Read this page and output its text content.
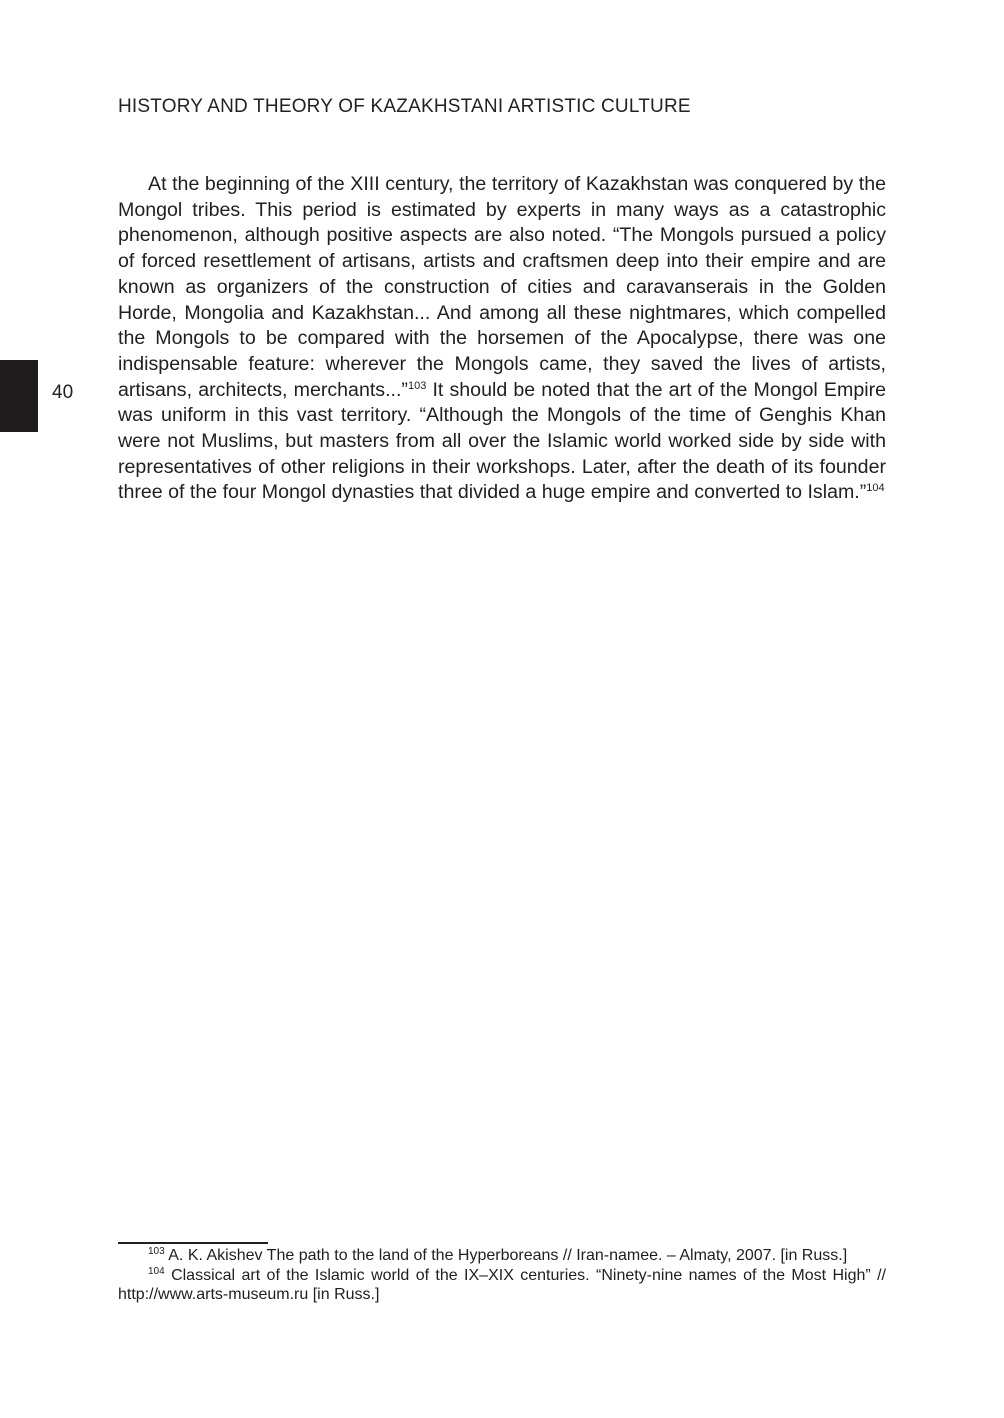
HISTORY AND THEORY OF KAZAKHSTANI ARTISTIC CULTURE
40

At the beginning of the XIII century, the territory of Kazakhstan was conquered by the Mongol tribes. This period is estimated by experts in many ways as a catastrophic phenomenon, although positive aspects are also noted. “The Mongols pursued a policy of forced resettlement of artisans, artists and craftsmen deep into their empire and are known as organizers of the construction of cities and caravanserais in the Golden Horde, Mongolia and Kazakhstan... And among all these nightmares, which compelled the Mongols to be compared with the horsemen of the Apocalypse, there was one indispensable feature: wherever the Mongols came, they saved the lives of artists, artisans, architects, merchants...”$^{103}$ It should be noted that the art of the Mongol Empire was uniform in this vast territory. “Although the Mongols of the time of Genghis Khan were not Muslims, but masters from all over the Islamic world worked side by side with representatives of other religions in their workshops. Later, after the death of its founder three of the four Mongol dynasties that divided a huge empire and converted to Islam.”$^{104}$

$^{103}$ A. K. Akishev The path to the land of the Hyperboreans // Iran-namee. – Almaty, 2007. [in Russ.]

$^{104}$ Classical art of the Islamic world of the IX–XIX centuries. “Ninety-nine names of the Most High” // http://www.arts-museum.ru [in Russ.]
